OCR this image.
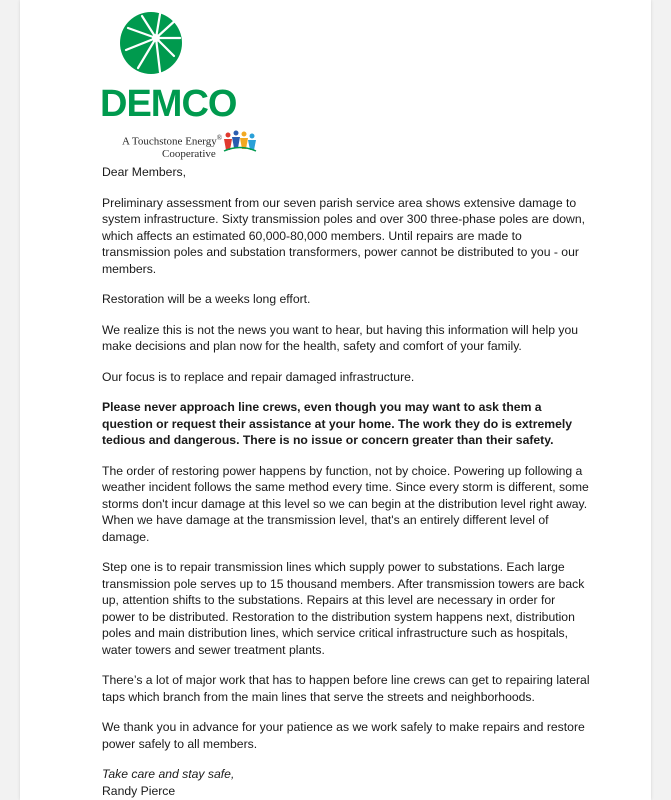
DEMCO
A Touchstone Energy®
Cooperative

Dear Members,

Preliminary assessment from our seven parish service area shows extensive damage to system infrastructure. Sixty transmission poles and over 300 three-phase poles are down, which affects an estimated 60,000-80,000 members. Until repairs are made to transmission poles and substation transformers, power cannot be distributed to you - our members.

Restoration will be a weeks long effort.

We realize this is not the news you want to hear, but having this information will help you make decisions and plan now for the health, safety and comfort of your family.

Our focus is to replace and repair damaged infrastructure.

Please never approach line crews, even though you may want to ask them a question or request their assistance at your home. The work they do is extremely tedious and dangerous. There is no issue or concern greater than their safety.

The order of restoring power happens by function, not by choice. Powering up following a weather incident follows the same method every time. Since every storm is different, some storms don't incur damage at this level so we can begin at the distribution level right away. When we have damage at the transmission level, that's an entirely different level of damage.

Step one is to repair transmission lines which supply power to substations. Each large transmission pole serves up to 15 thousand members. After transmission towers are back up, attention shifts to the substations. Repairs at this level are necessary in order for power to be distributed. Restoration to the distribution system happens next, distribution poles and main distribution lines, which service critical infrastructure such as hospitals, water towers and sewer treatment plants.

There’s a lot of major work that has to happen before line crews can get to repairing lateral taps which branch from the main lines that serve the streets and neighborhoods.

We thank you in advance for your patience as we work safely to make repairs and restore power safely to all members.

Take care and stay safe,
Randy Pierce
